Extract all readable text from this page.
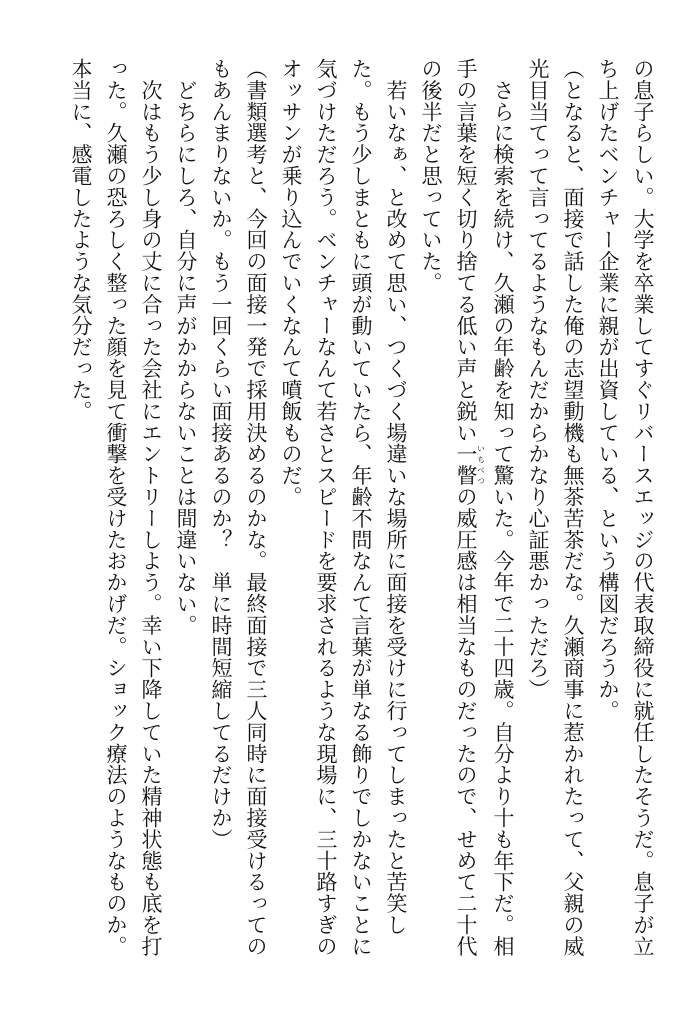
の息子らしい。大学を卒業してすぐリバースエッジの代表取締役に就任したそうだ。息子が立
ち上げたベンチャー企業に親が出資している、という構図だろうか。
（となると、面接で話した俺の志望動機も無茶苦茶だな。久瀬商事に惹かれたって、父親の威
光目当てって言ってるようなもんだからかなり心証悪かっただろ）
　さらに検索を続け、久瀬の年齢を知って驚いた。今年で二十四歳。自分より十も年下だ。相
手の言葉を短く切り捨てる低い声と鋭い一瞥いちべつの威圧感は相当なものだったので、せめて二十代
の後半だと思っていた。
　若いなぁ、と改めて思い、つくづく場違いな場所に面接を受けに行ってしまったと苦笑し
た。もう少しまともに頭が動いていたら、年齢不問なんて言葉が単なる飾りでしかないことに
気づけただろう。ベンチャーなんて若さとスピードを要求されるような現場に、三十路すぎの
オッサンが乗り込んでいくなんて噴飯ものだ。
（書類選考と、今回の面接一発で採用決めるのかな。最終面接で三人同時に面接受けるっての
もあんまりないか。もう一回くらい面接あるのか？　単に時間短縮してるだけか）
　どちらにしろ、自分に声がかからないことは間違いない。
　次はもう少し身の丈に合った会社にエントリーしよう。幸い下降していた精神状態も底を打
った。久瀬の恐ろしく整った顔を見て衝撃を受けたおかげだ。ショック療法のようなものか。
本当に、感電したような気分だった。
